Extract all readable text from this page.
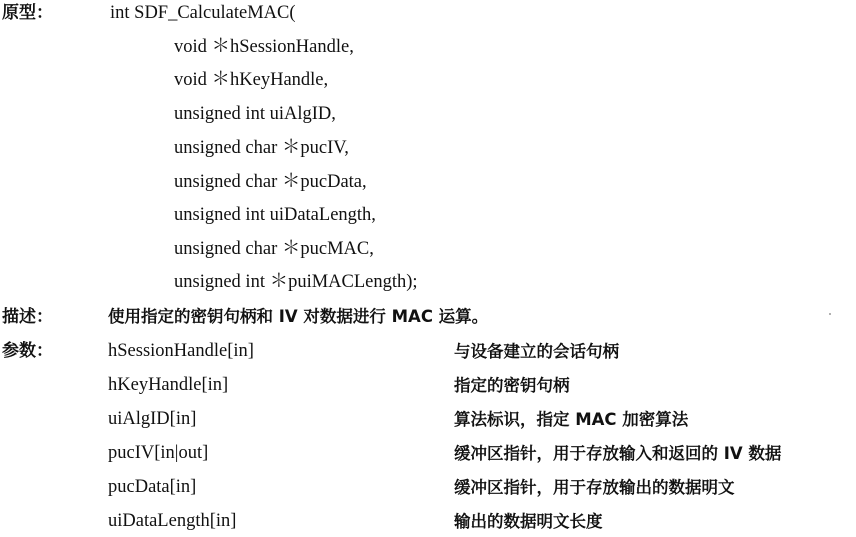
原型：	int SDF_CalculateMAC(
void ＊hSessionHandle,
void ＊hKeyHandle,
unsigned int uiAlgID,
unsigned char ＊pucIV,
unsigned char ＊pucData,
unsigned int uiDataLength,
unsigned char ＊pucMAC,
unsigned int ＊puiMACLength);
描述：	使用指定的密钥句柄和 IV 对数据进行 MAC 运算。
参数：	hSessionHandle[in]	与设备建立的会话句柄
hKeyHandle[in]	指定的密钥句柄
uiAlgID[in]	算法标识，指定 MAC 加密算法
pucIV[in|out]	缓冲区指针，用于存放输入和返回的 IV 数据
pucData[in]	缓冲区指针，用于存放输出的数据明文
uiDataLength[in]	输出的数据明文长度
